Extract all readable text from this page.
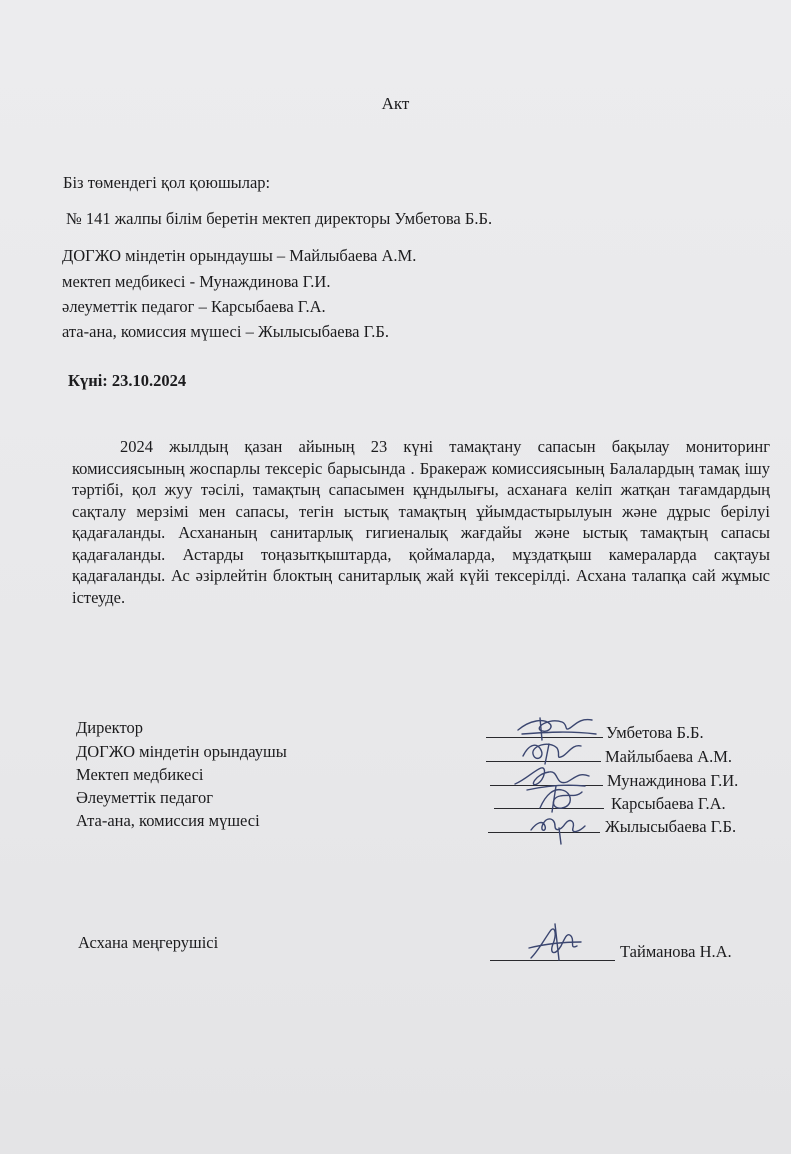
Акт
Біз төмендегі қол қоюшылар:
№ 141 жалпы білім беретін мектеп директоры Умбетова Б.Б.
ДОГЖО міндетін орындаушы – Майлыбаева А.М.
мектеп медбикесі - Мунаждинова Г.И.
әлеуметтік педагог – Карсыбаева Г.А.
ата-ана, комиссия мүшесі – Жылысыбаева Г.Б.
Күні: 23.10.2024
2024 жылдың қазан айының 23 күні тамақтану сапасын бақылау мониторинг комиссиясының жоспарлы тексеріс барысында . Бракераж комиссиясының Балалардың тамақ ішу тәртібі, қол жуу тәсілі, тамақтың сапасымен құндылығы, асханаға келіп жатқан тағамдардың сақталу мерзімі мен сапасы, тегін ыстық тамақтың ұйымдастырылуын және дұрыс берілуі қадағаланды. Асхананың санитарлық гигиеналық жағдайы және ыстық тамақтың сапасы қадағаланды. Астарды тоңазытқыштарда, қоймаларда, мұздатқыш камераларда сақтауы қадағаланды. Ас әзірлейтін блоктың санитарлық жай күйі тексерілді. Асхана талапқа сай жұмыс істеуде.
Директор
ДОГЖО міндетін орындаушы
Мектеп медбикесі
Әлеуметтік педагог
Ата-ана, комиссия мүшесі
Умбетова Б.Б.
Майлыбаева А.М.
Мунаждинова Г.И.
Карсыбаева Г.А.
Жылысыбаева Г.Б.
Асхана меңгерушісі	Тайманова Н.А.
